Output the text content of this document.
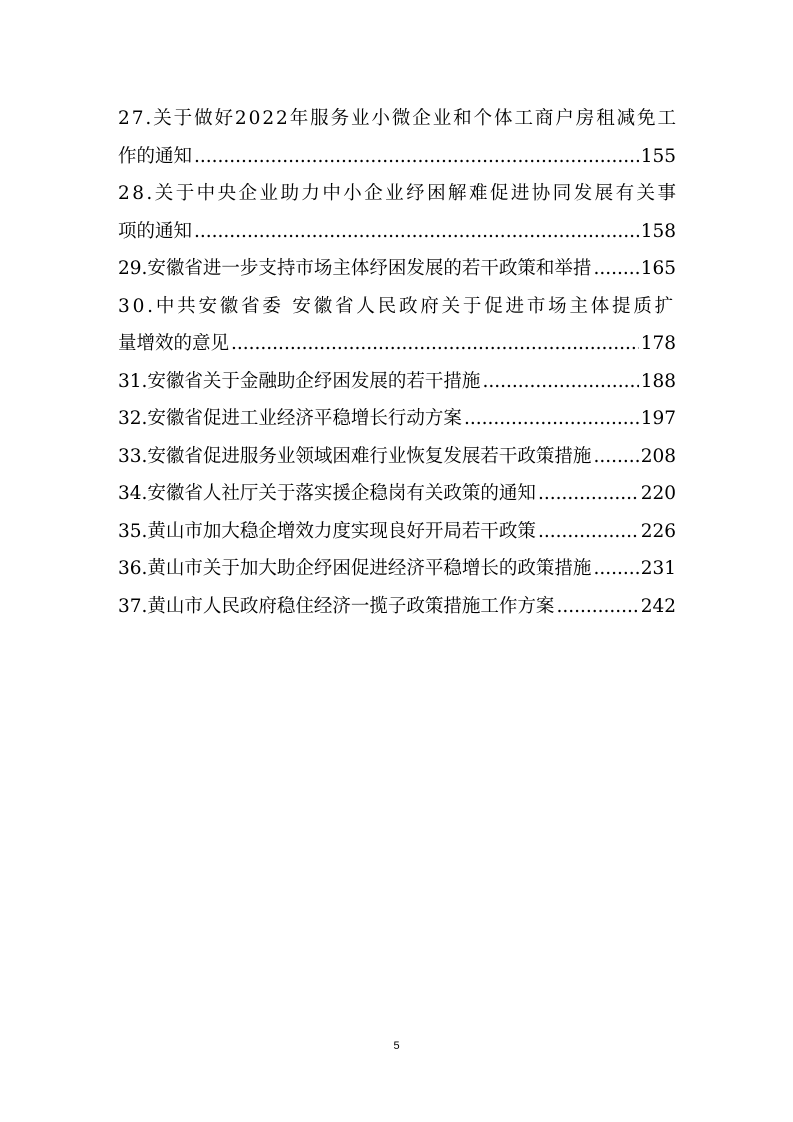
27.关于做好2022年服务业小微企业和个体工商户房租减免工
作的通知 .....	155
28.关于中央企业助力中小企业纾困解难促进协同发展有关事
项的通知 .....	158
29.安徽省进一步支持市场主体纾困发展的若干政策和举措 .....	165
30.中共安徽省委 安徽省人民政府关于促进市场主体提质扩
量增效的意见 .....	178
31.安徽省关于金融助企纾困发展的若干措施 .....	188
32.安徽省促进工业经济平稳增长行动方案 .....	197
33.安徽省促进服务业领域困难行业恢复发展若干政策措施 .....	208
34.安徽省人社厅关于落实援企稳岗有关政策的通知 .....	220
35.黄山市加大稳企增效力度实现良好开局若干政策 .....	226
36.黄山市关于加大助企纾困促进经济平稳增长的政策措施 .....	231
37.黄山市人民政府稳住经济一揽子政策措施工作方案 .....	242
5
